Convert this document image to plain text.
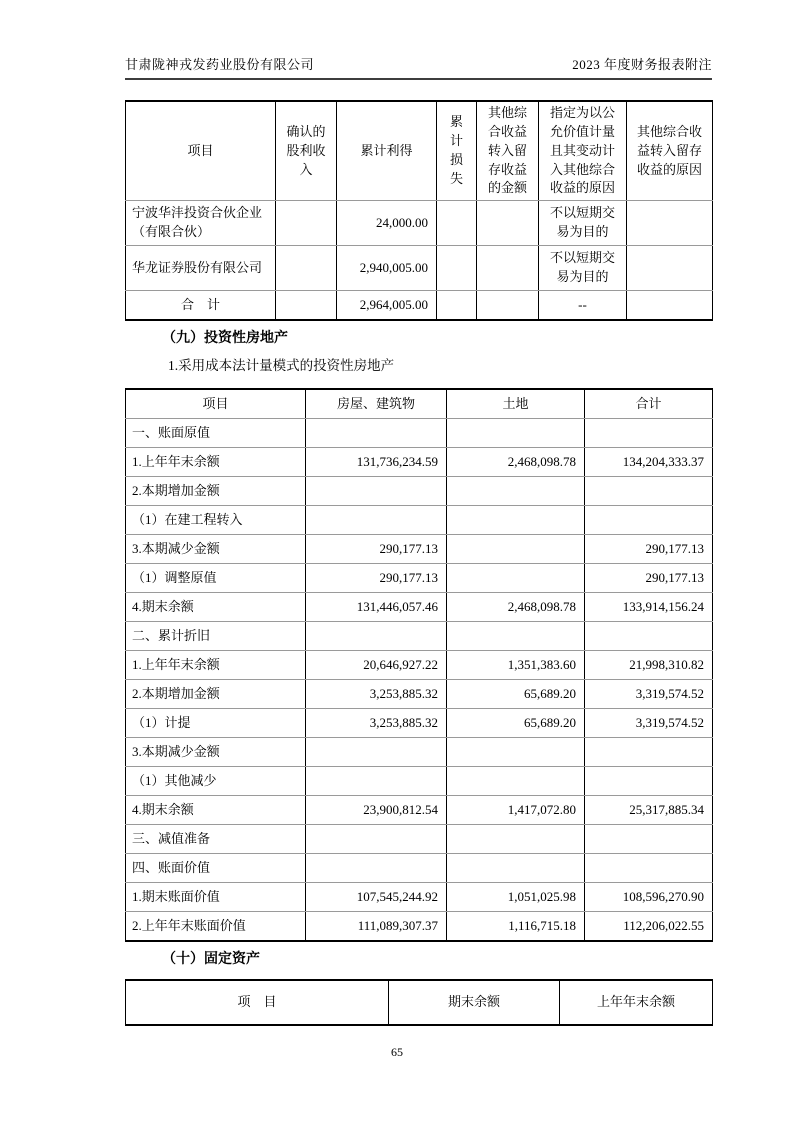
甘肃陇神戎发药业股份有限公司	2023 年度财务报表附注
项目	确认的股利收入	累计利得	累计损失	其他综合收益转入留存收益的金额	指定为以公允价值计量且其变动计入其他综合收益的原因	其他综合收益转入留存收益的原因
宁波华沣投资合伙企业（有限合伙）		24,000.00			不以短期交易为目的	
华龙证券股份有限公司		2,940,005.00			不以短期交易为目的	
合　计		2,964,005.00			--	
（九）投资性房地产
1.采用成本法计量模式的投资性房地产
项目	房屋、建筑物	土地	合计
一、账面原值			
1.上年年末余额	131,736,234.59	2,468,098.78	134,204,333.37
2.本期增加金额			
（1）在建工程转入			
3.本期减少金额	290,177.13		290,177.13
（1）调整原值	290,177.13		290,177.13
4.期末余额	131,446,057.46	2,468,098.78	133,914,156.24
二、累计折旧			
1.上年年末余额	20,646,927.22	1,351,383.60	21,998,310.82
2.本期增加金额	3,253,885.32	65,689.20	3,319,574.52
（1）计提	3,253,885.32	65,689.20	3,319,574.52
3.本期减少金额			
（1）其他减少			
4.期末余额	23,900,812.54	1,417,072.80	25,317,885.34
三、减值准备			
四、账面价值			
1.期末账面价值	107,545,244.92	1,051,025.98	108,596,270.90
2.上年年末账面价值	111,089,307.37	1,116,715.18	112,206,022.55
（十）固定资产
项　目	期末余额	上年年末余额
65
